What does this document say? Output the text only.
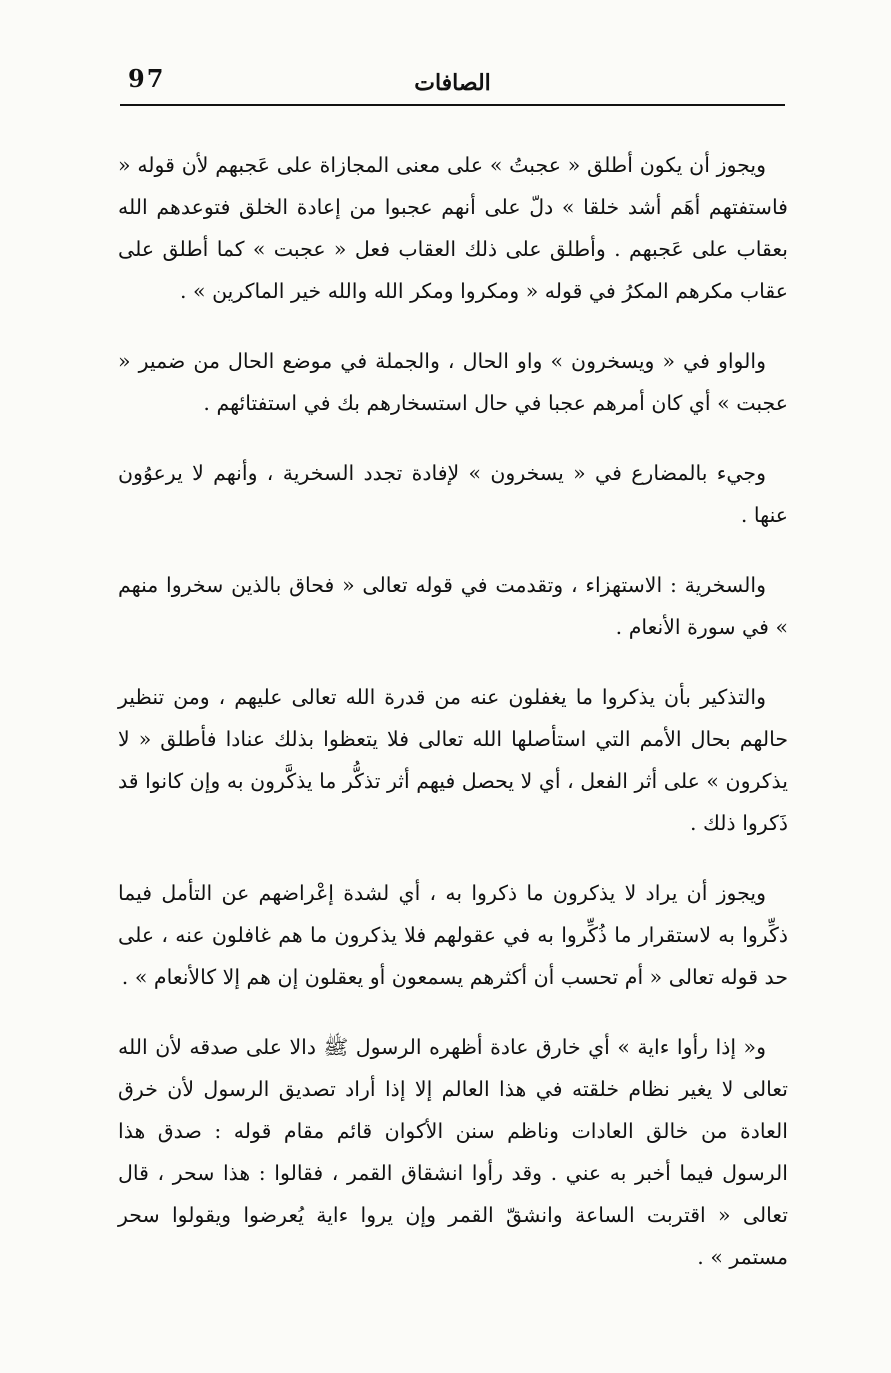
97	الصافات

ويجوز أن يكون أطلق « عجبتُ » على معنى المجازاة على عَجبهم لأن قوله « فاستفتهم أهَم أشد خلقا » دلّ على أنهم عجبوا من إعادة الخلق فتوعدهم الله بعقاب على عَجبهم . وأطلق على ذلك العقاب فعل « عجبت » كما أطلق على عقاب مكرهم المكرُ في قوله « ومكروا ومكر الله والله خير الماكرين » .

والواو في « ويسخرون » واو الحال ، والجملة في موضع الحال من ضمير « عجبت » أي كان أمرهم عجبا في حال استسخارهم بك في استفتائهم .

وجيء بالمضارع في « يسخرون » لإفادة تجدد السخرية ، وأنهم لا يرعوُون عنها .

والسخرية : الاستهزاء ، وتقدمت في قوله تعالى « فحاق بالذين سخروا منهم » في سورة الأنعام .

والتذكير بأن يذكروا ما يغفلون عنه من قدرة الله تعالى عليهم ، ومن تنظير حالهم بحال الأمم التي استأصلها الله تعالى فلا يتعظوا بذلك عنادا فأطلق « لا يذكرون » على أثر الفعل ، أي لا يحصل فيهم أثر تذكُّر ما يذكَّرون به وإن كانوا قد ذَكروا ذلك .

ويجوز أن يراد لا يذكرون ما ذكروا به ، أي لشدة إعْراضهم عن التأمل فيما ذكِّروا به لاستقرار ما ذُكِّروا به في عقولهم فلا يذكرون ما هم غافلون عنه ، على حد قوله تعالى « أم تحسب أن أكثرهم يسمعون أو يعقلون إن هم إلا كالأنعام » .

و« إذا رأوا ءاية » أي خارق عادة أظهره الرسول ﷺ دالا على صدقه لأن الله تعالى لا يغير نظام خلقته في هذا العالم إلا إذا أراد تصديق الرسول لأن خرق العادة من خالق العادات وناظم سنن الأكوان قائم مقام قوله : صدق هذا الرسول فيما أخبر به عني . وقد رأوا انشقاق القمر ، فقالوا : هذا سحر ، قال تعالى « اقتربت الساعة وانشقّ القمر وإن يروا ءاية يُعرضوا ويقولوا سحر مستمر » .
